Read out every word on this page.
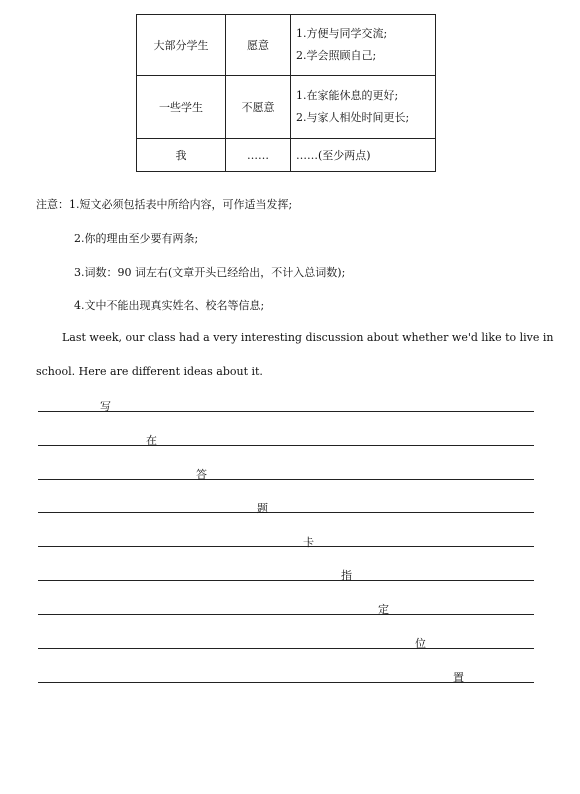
大部分学生	愿意	1.方便与同学交流;
2.学会照顾自己;

一些学生	不愿意	1.在家能休息的更好;
2.与家人相处时间更长;

我	……	……(至少两点)
注意：1.短文必须包括表中所给内容，可作适当发挥;
2.你的理由至少要有两条;
3.词数：90 词左右(文章开头已经给出，不计入总词数);
4.文中不能出现真实姓名、校名等信息;
Last week, our class had a very interesting discussion about whether we'd like to live in
school. Here are different ideas about it.
写
在
答
题
卡
指
定
位
置
